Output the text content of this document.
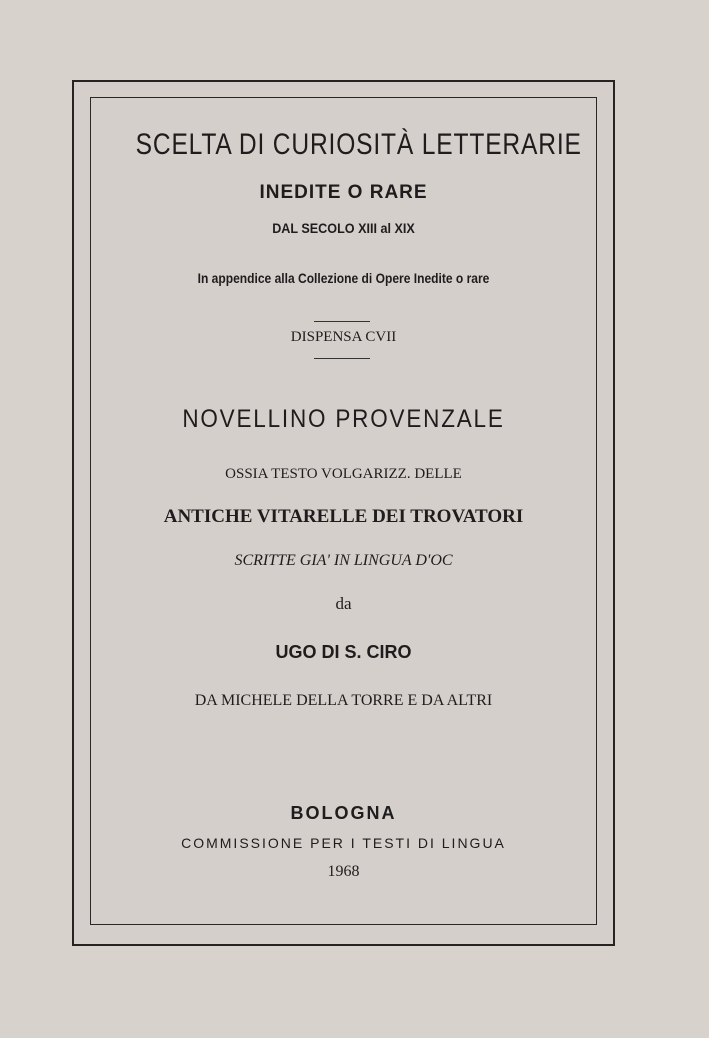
SCELTA DI CURIOSITÀ LETTERARIE
INEDITE O RARE
DAL SECOLO XIII al XIX
In appendice alla Collezione di Opere Inedite o rare
DISPENSA CVII
NOVELLINO PROVENZALE
OSSIA TESTO VOLGARIZZ. DELLE
ANTICHE VITARELLE DEI TROVATORI
SCRITTE GIA' IN LINGUA D'OC
da
UGO DI S. CIRO
DA MICHELE DELLA TORRE E DA ALTRI
BOLOGNA
COMMISSIONE PER I TESTI DI LINGUA
1968
